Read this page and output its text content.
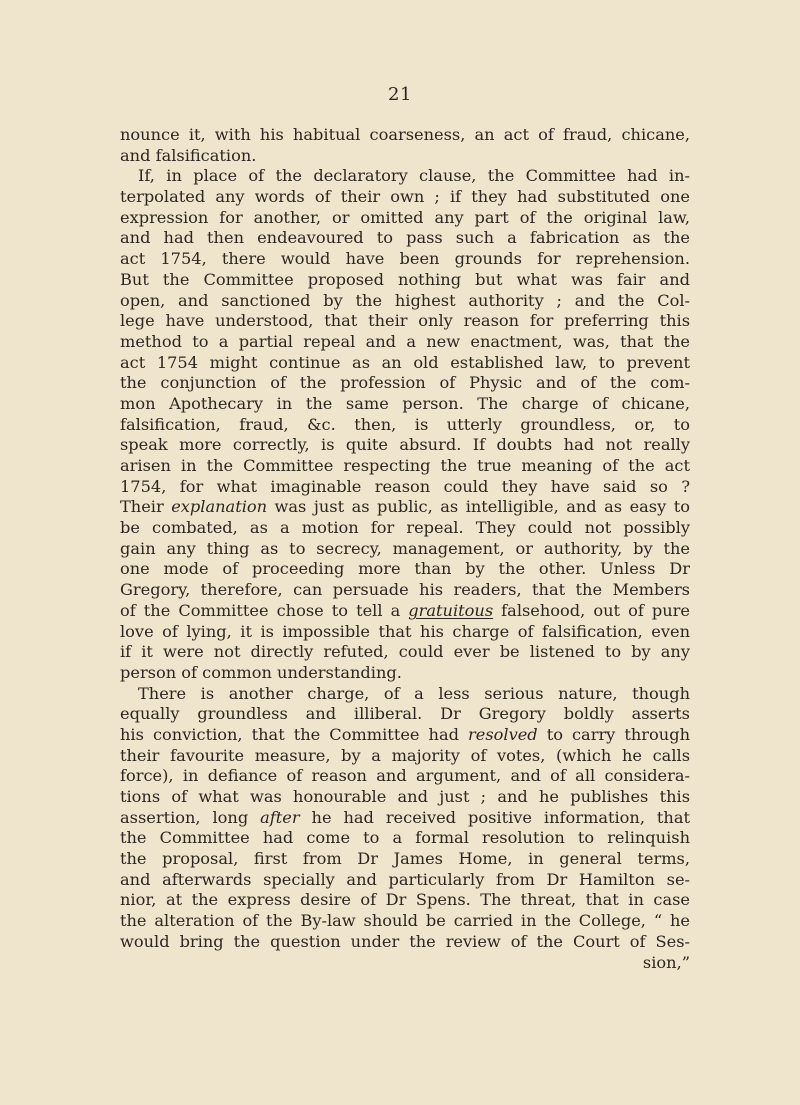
21
nounce it, with his habitual coarseness, an act of fraud, chicane,
and falsification.
If, in place of the declaratory clause, the Committee had in-
terpolated any words of their own ; if they had substituted one
expression for another, or omitted any part of the original law,
and had then endeavoured to pass such a fabrication as the
act 1754, there would have been grounds for reprehension.
But the Committee proposed nothing but what was fair and
open, and sanctioned by the highest authority ; and the Col-
lege have understood, that their only reason for preferring this
method to a partial repeal and a new enactment, was, that the
act 1754 might continue as an old established law, to prevent
the conjunction of the profession of Physic and of the com-
mon Apothecary in the same person. The charge of chicane,
falsification, fraud, &c. then, is utterly groundless, or, to
speak more correctly, is quite absurd. If doubts had not really
arisen in the Committee respecting the true meaning of the act
1754, for what imaginable reason could they have said so ?
Their explanation was just as public, as intelligible, and as easy to
be combated, as a motion for repeal. They could not possibly
gain any thing as to secrecy, management, or authority, by the
one mode of proceeding more than by the other. Unless Dr
Gregory, therefore, can persuade his readers, that the Members
of the Committee chose to tell a gratuitous falsehood, out of pure
love of lying, it is impossible that his charge of falsification, even
if it were not directly refuted, could ever be listened to by any
person of common understanding.
There is another charge, of a less serious nature, though
equally groundless and illiberal. Dr Gregory boldly asserts
his conviction, that the Committee had resolved to carry through
their favourite measure, by a majority of votes, (which he calls
force), in defiance of reason and argument, and of all considera-
tions of what was honourable and just ; and he publishes this
assertion, long after he had received positive information, that
the Committee had come to a formal resolution to relinquish
the proposal, first from Dr James Home, in general terms,
and afterwards specially and particularly from Dr Hamilton se-
nior, at the express desire of Dr Spens. The threat, that in case
the alteration of the By-law should be carried in the College, “ he
would bring the question under the review of the Court of Ses-
sion,”
